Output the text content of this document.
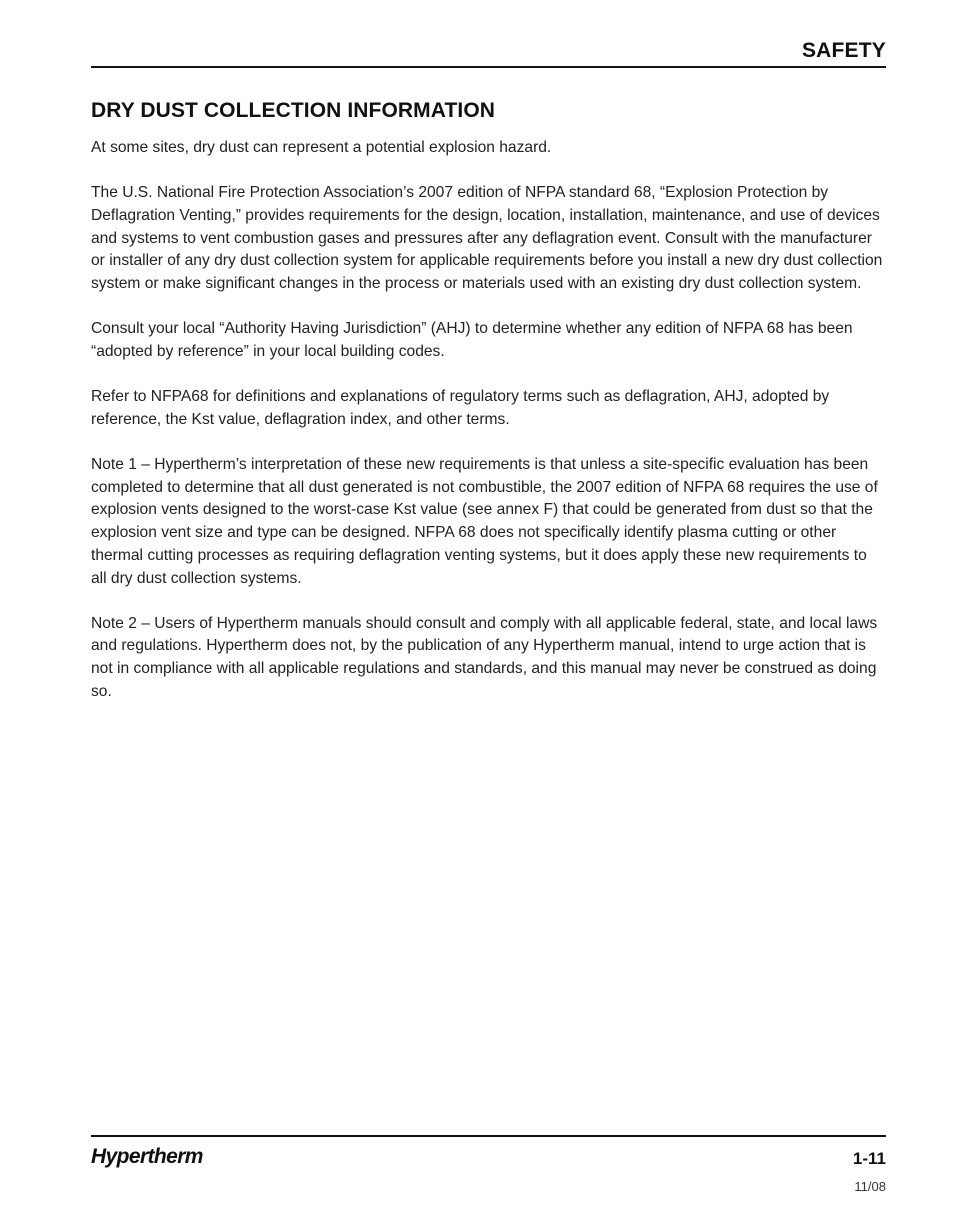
SAFETY
DRY DUST COLLECTION INFORMATION

At some sites, dry dust can represent a potential explosion hazard.

The U.S. National Fire Protection Association’s 2007 edition of NFPA standard 68, “Explosion Protection by Deflagration Venting,” provides requirements for the design, location, installation, maintenance, and use of devices and systems to vent combustion gases and pressures after any deflagration event. Consult with the manufacturer or installer of any dry dust collection system for applicable requirements before you install a new dry dust collection system or make significant changes in the process or materials used with an existing dry dust collection system.

Consult your local “Authority Having Jurisdiction” (AHJ) to determine whether any edition of NFPA 68 has been “adopted by reference” in your local building codes.

Refer to NFPA68 for definitions and explanations of regulatory terms such as deflagration, AHJ, adopted by reference, the Kst value, deflagration index, and other terms.

Note 1 – Hypertherm’s interpretation of these new requirements is that unless a site-specific evaluation has been completed to determine that all dust generated is not combustible, the 2007 edition of NFPA 68 requires the use of explosion vents designed to the worst-case Kst value (see annex F) that could be generated from dust so that the explosion vent size and type can be designed. NFPA 68 does not specifically identify plasma cutting or other thermal cutting processes as requiring deflagration venting systems, but it does apply these new requirements to all dry dust collection systems.

Note 2 – Users of Hypertherm manuals should consult and comply with all applicable federal, state, and local laws and regulations. Hypertherm does not, by the publication of any Hypertherm manual, intend to urge action that is not in compliance with all applicable regulations and standards, and this manual may never be construed as doing so.

Hypertherm	1-11
11/08
